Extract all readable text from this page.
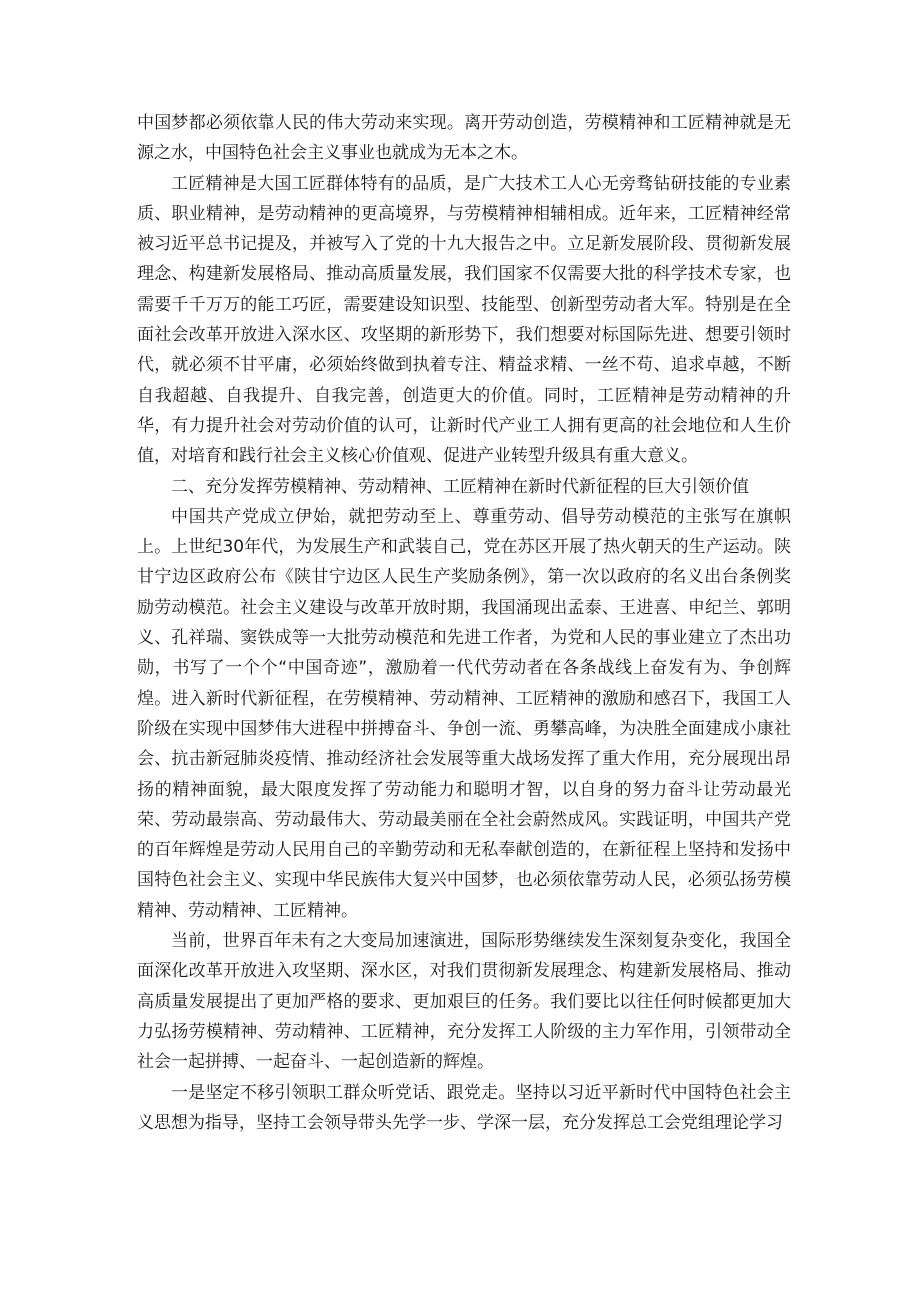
中国梦都必须依靠人民的伟大劳动来实现。离开劳动创造，劳模精神和工匠精神就是无源之水，中国特色社会主义事业也就成为无本之木。

工匠精神是大国工匠群体特有的品质，是广大技术工人心无旁骛钻研技能的专业素质、职业精神，是劳动精神的更高境界，与劳模精神相辅相成。近年来，工匠精神经常被习近平总书记提及，并被写入了党的十九大报告之中。立足新发展阶段、贯彻新发展理念、构建新发展格局、推动高质量发展，我们国家不仅需要大批的科学技术专家，也需要千千万万的能工巧匠，需要建设知识型、技能型、创新型劳动者大军。特别是在全面社会改革开放进入深水区、攻坚期的新形势下，我们想要对标国际先进、想要引领时代，就必须不甘平庸，必须始终做到执着专注、精益求精、一丝不苟、追求卓越，不断自我超越、自我提升、自我完善，创造更大的价值。同时，工匠精神是劳动精神的升华，有力提升社会对劳动价值的认可，让新时代产业工人拥有更高的社会地位和人生价值，对培育和践行社会主义核心价值观、促进产业转型升级具有重大意义。

二、充分发挥劳模精神、劳动精神、工匠精神在新时代新征程的巨大引领价值

中国共产党成立伊始，就把劳动至上、尊重劳动、倡导劳动模范的主张写在旗帜上。上世纪30年代，为发展生产和武装自己，党在苏区开展了热火朝天的生产运动。陕甘宁边区政府公布《陕甘宁边区人民生产奖励条例》，第一次以政府的名义出台条例奖励劳动模范。社会主义建设与改革开放时期，我国涌现出孟泰、王进喜、申纪兰、郭明义、孔祥瑞、窦铁成等一大批劳动模范和先进工作者，为党和人民的事业建立了杰出功勋，书写了一个个“中国奇迹”，激励着一代代劳动者在各条战线上奋发有为、争创辉煌。进入新时代新征程，在劳模精神、劳动精神、工匠精神的激励和感召下，我国工人阶级在实现中国梦伟大进程中拼搏奋斗、争创一流、勇攀高峰，为决胜全面建成小康社会、抗击新冠肺炎疫情、推动经济社会发展等重大战场发挥了重大作用，充分展现出昂扬的精神面貌，最大限度发挥了劳动能力和聪明才智，以自身的努力奋斗让劳动最光荣、劳动最崇高、劳动最伟大、劳动最美丽在全社会蔚然成风。实践证明，中国共产党的百年辉煌是劳动人民用自己的辛勤劳动和无私奉献创造的，在新征程上坚持和发扬中国特色社会主义、实现中华民族伟大复兴中国梦，也必须依靠劳动人民，必须弘扬劳模精神、劳动精神、工匠精神。

当前，世界百年未有之大变局加速演进，国际形势继续发生深刻复杂变化，我国全面深化改革开放进入攻坚期、深水区，对我们贯彻新发展理念、构建新发展格局、推动高质量发展提出了更加严格的要求、更加艰巨的任务。我们要比以往任何时候都更加大力弘扬劳模精神、劳动精神、工匠精神，充分发挥工人阶级的主力军作用，引领带动全社会一起拼搏、一起奋斗、一起创造新的辉煌。

一是坚定不移引领职工群众听党话、跟党走。坚持以习近平新时代中国特色社会主义思想为指导，坚持工会领导带头先学一步、学深一层，充分发挥总工会党组理论学习
